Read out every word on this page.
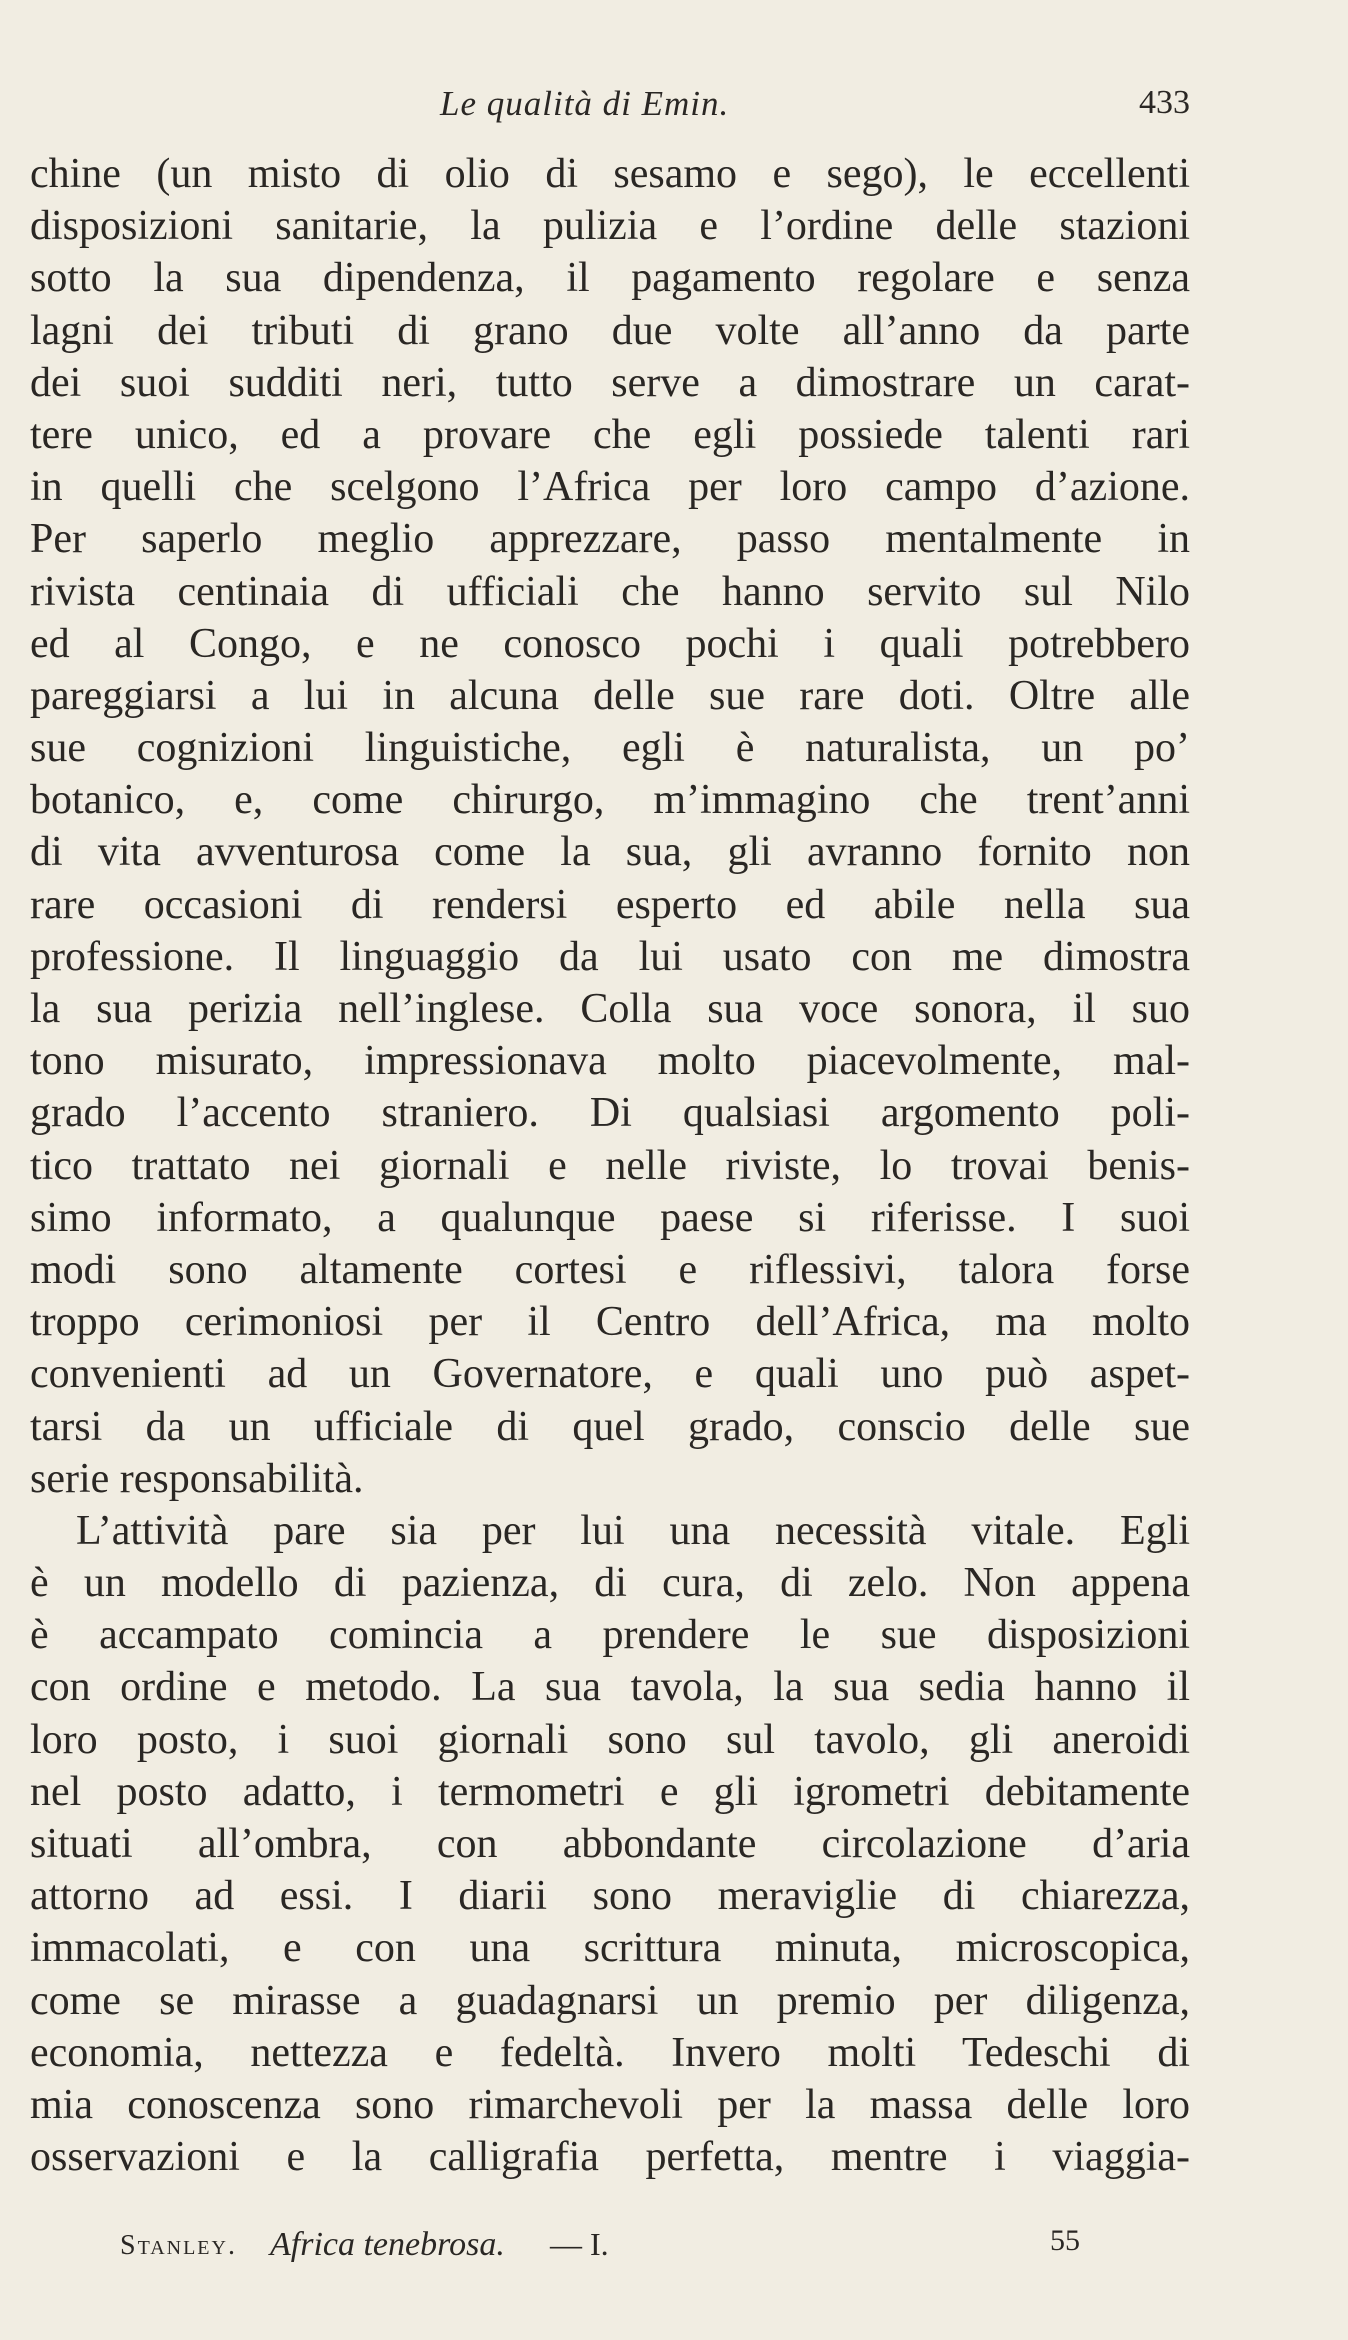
Le qualità di Emin.	433
chine (un misto di olio di sesamo e sego), le eccellenti
disposizioni sanitarie, la pulizia e l’ordine delle stazioni
sotto la sua dipendenza, il pagamento regolare e senza
lagni dei tributi di grano due volte all’anno da parte
dei suoi sudditi neri, tutto serve a dimostrare un carat-
tere unico, ed a provare che egli possiede talenti rari
in quelli che scelgono l’Africa per loro campo d’azione.
Per saperlo meglio apprezzare, passo mentalmente in
rivista centinaia di ufficiali che hanno servito sul Nilo
ed al Congo, e ne conosco pochi i quali potrebbero
pareggiarsi a lui in alcuna delle sue rare doti. Oltre alle
sue cognizioni linguistiche, egli è naturalista, un po’
botanico, e, come chirurgo, m’immagino che trent’anni
di vita avventurosa come la sua, gli avranno fornito non
rare occasioni di rendersi esperto ed abile nella sua
professione. Il linguaggio da lui usato con me dimostra
la sua perizia nell’inglese. Colla sua voce sonora, il suo
tono misurato, impressionava molto piacevolmente, mal-
grado l’accento straniero. Di qualsiasi argomento poli-
tico trattato nei giornali e nelle riviste, lo trovai benis-
simo informato, a qualunque paese si riferisse. I suoi
modi sono altamente cortesi e riflessivi, talora forse
troppo cerimoniosi per il Centro dell’Africa, ma molto
convenienti ad un Governatore, e quali uno può aspet-
tarsi da un ufficiale di quel grado, conscio delle sue
serie responsabilità.
L’attività pare sia per lui una necessità vitale. Egli
è un modello di pazienza, di cura, di zelo. Non appena
è accampato comincia a prendere le sue disposizioni
con ordine e metodo. La sua tavola, la sua sedia hanno il
loro posto, i suoi giornali sono sul tavolo, gli aneroidi
nel posto adatto, i termometri e gli igrometri debitamente
situati all’ombra, con abbondante circolazione d’aria
attorno ad essi. I diarii sono meraviglie di chiarezza,
immacolati, e con una scrittura minuta, microscopica,
come se mirasse a guadagnarsi un premio per diligenza,
economia, nettezza e fedeltà. Invero molti Tedeschi di
mia conoscenza sono rimarchevoli per la massa delle loro
osservazioni e la calligrafia perfetta, mentre i viaggia-
Stanley. Africa tenebrosa. — I.	55
